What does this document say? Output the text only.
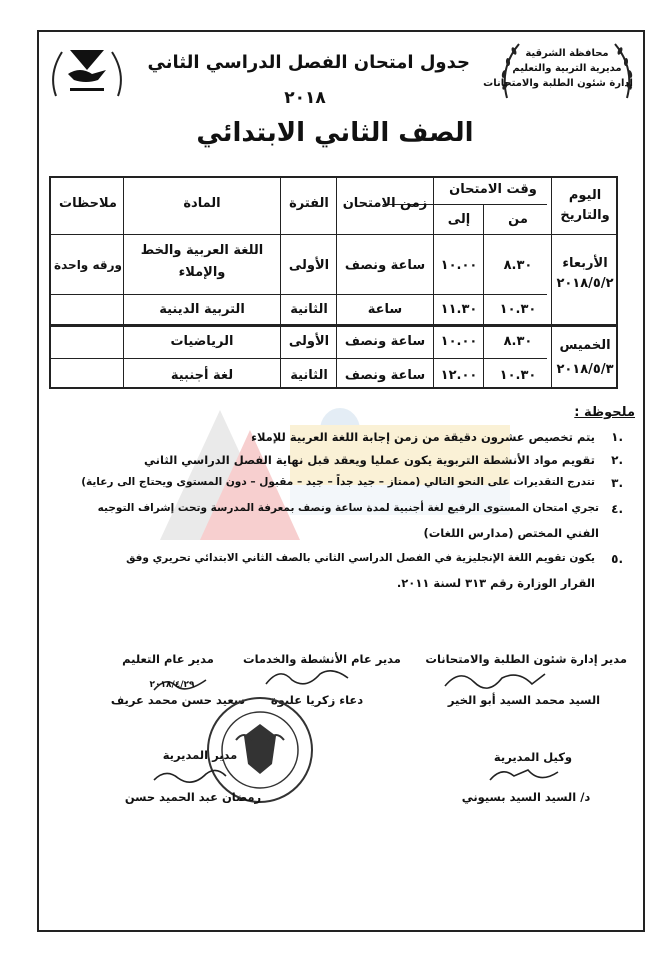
محافظة الشرقية
مديرية التربية والتعليم
إدارة شئون الطلبة والامتحانات
جدول امتحان الفصل الدراسي الثاني
٢٠١٨
الصف الثاني الابتدائي
اليوم والتاريخ
وقت الامتحان
من
إلى
زمن الامتحان
الفترة
المادة
ملاحظات
الأربعاء
٢٠١٨/٥/٢
٨.٣٠
١٠.٠٠
ساعة ونصف
الأولى
اللغة العربية والخط والإملاء
ورقه واحدة
١٠.٣٠
١١.٣٠
ساعة
الثانية
التربية الدينية
الخميس
٢٠١٨/٥/٣
٨.٣٠
١٠.٠٠
ساعة ونصف
الأولى
الرياضيات
١٠.٣٠
١٢.٠٠
ساعة ونصف
الثانية
لغة أجنبية
ملحوظة :
١.
يتم تخصيص عشرون دقيقة من زمن إجابة اللغة العربية للإملاء
٢.
تقويم مواد الأنشطة التربوية يكون عمليا ويعقد قبل نهاية الفصل الدراسي الثاني
٣.
تتدرج التقديرات على النحو التالي (ممتاز – جيد جداً – جيد – مقبول – دون المستوى ويحتاج الى رعاية)
٤.
تجري امتحان المستوى الرفيع لغة أجنبية لمدة ساعة ونصف بمعرفة المدرسة وتحت إشراف التوجيه
الفني المختص (مدارس اللغات)
٥.
يكون تقويم اللغة الإنجليزية في الفصل الدراسي الثاني بالصف الثاني الابتدائي تحريري وفق
القرار الوزارة رقم ٣١٣ لسنة ٢٠١١.
مدير إدارة شئون الطلبة والامتحانات
مدير عام الأنشطة والخدمات
مدير عام التعليم
٢٠١٨/٤/٢٩
السيد محمد السيد أبو الخير
دعاء زكريا عليوة
سعيد حسن محمد عريف
وكيل المديرية
د/ السيد السيد بسيوني
مدير المديرية
رمضان عبد الحميد حسن
